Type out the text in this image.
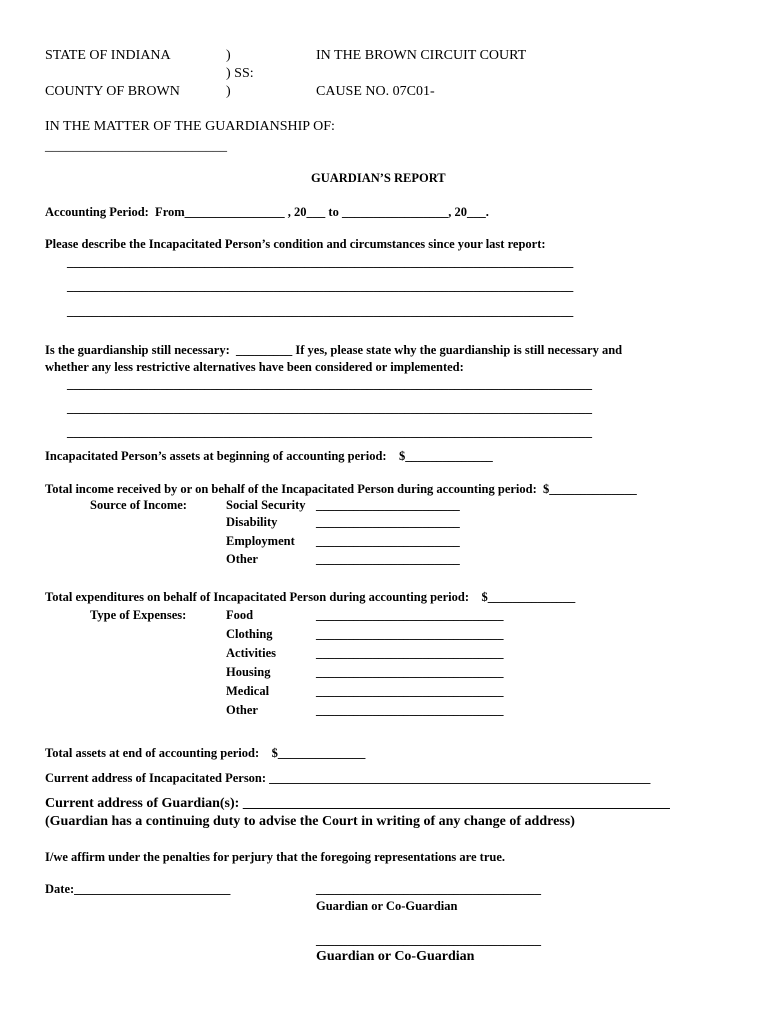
STATE OF INDIANA	)	IN THE BROWN CIRCUIT COURT
) SS:
COUNTY OF BROWN	)	CAUSE NO. 07C01-
IN THE MATTER OF THE GUARDIANSHIP OF:
__________________________
GUARDIAN’S REPORT
Accounting Period:  From________________ , 20___ to _________________, 20___.
Please describe the Incapacitated Person’s condition and circumstances since your last report:
_________________________________________________________________________________
_________________________________________________________________________________
_________________________________________________________________________________
Is the guardianship still necessary:  _________ If yes, please state why the guardianship is still necessary and
whether any less restrictive alternatives have been considered or implemented:
____________________________________________________________________________________
____________________________________________________________________________________
____________________________________________________________________________________
Incapacitated Person’s assets at beginning of accounting period:    $______________
Total income received by or on behalf of the Incapacitated Person during accounting period:  $______________
Source of Income:	Social Security _______________________
Disability	_______________________
Employment _______________________
Other	_______________________
Total expenditures on behalf of Incapacitated Person during accounting period:    $______________
Type of Expenses:	Food	______________________________
Clothing	______________________________
Activities	______________________________
Housing	______________________________
Medical	______________________________
Other	______________________________
Total assets at end of accounting period:    $______________
Current address of Incapacitated Person: _____________________________________________________________
Current address of Guardian(s): _____________________________________________________________
(Guardian has a continuing duty to advise the Court in writing of any change of address)
I/we affirm under the penalties for perjury that the foregoing representations are true.
Date:_________________________	____________________________________
Guardian or Co-Guardian
____________________________________
Guardian or Co-Guardian
